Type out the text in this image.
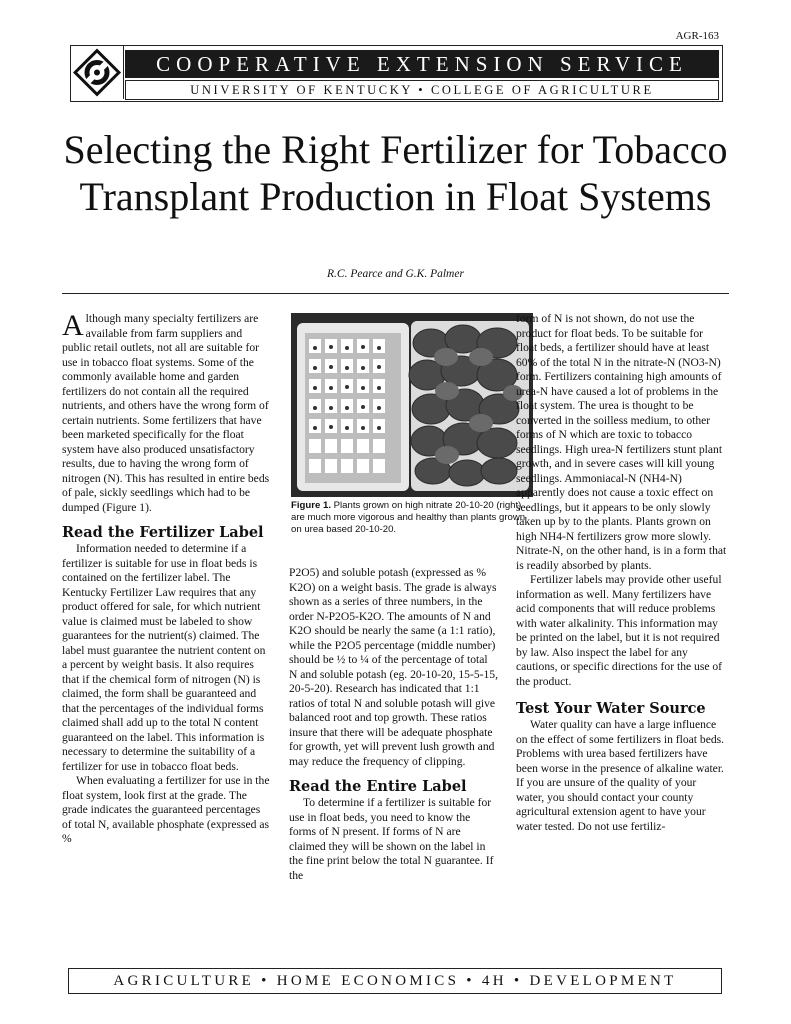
AGR-163
COOPERATIVE EXTENSION SERVICE
UNIVERSITY OF KENTUCKY • COLLEGE OF AGRICULTURE
Selecting the Right Fertilizer for Tobacco Transplant Production in Float Systems
R.C. Pearce and G.K. Palmer

Although many specialty fertilizers are available from farm suppliers and public retail outlets, not all are suitable for use in tobacco float systems. Some of the commonly available home and garden fertilizers do not contain all the required nutrients, and others have the wrong form of certain nutrients. Some fertilizers that have been marketed specifically for the float system have also produced unsatisfactory results, due to having the wrong form of nitrogen (N). This has resulted in entire beds of pale, sickly seedlings which had to be dumped (Figure 1).

Read the Fertilizer Label

Information needed to determine if a fertilizer is suitable for use in float beds is contained on the fertilizer label. The Kentucky Fertilizer Law requires that any product offered for sale, for which nutrient value is claimed must be labeled to show guarantees for the nutrient(s) claimed. The label must guarantee the nutrient content on a percent by weight basis. It also requires that if the chemical form of nitrogen (N) is claimed, the form shall be guaranteed and that the percentages of the individual forms claimed shall add up to the total N content guaranteed on the label. This information is necessary to determine the suitability of a fertilizer for use in tobacco float beds.

When evaluating a fertilizer for use in the float system, look first at the grade. The grade indicates the guaranteed percentages of total N, available phosphate (expressed as %

Figure 1. Plants grown on high nitrate 20-10-20 (right) are much more vigorous and healthy than plants grown on urea based 20-10-20.

P2O5) and soluble potash (expressed as % K2O) on a weight basis. The grade is always shown as a series of three numbers, in the order N-P2O5-K2O. The amounts of N and K2O should be nearly the same (a 1:1 ratio), while the P2O5 percentage (middle number) should be ½ to ¼ of the percentage of total N and soluble potash (eg. 20-10-20, 15-5-15, 20-5-20). Research has indicated that 1:1 ratios of total N and soluble potash will give balanced root and top growth. These ratios insure that there will be adequate phosphate for growth, yet will prevent lush growth and may reduce the frequency of clipping.

Read the Entire Label

To determine if a fertilizer is suitable for use in float beds, you need to know the forms of N present. If forms of N are claimed they will be shown on the label in the fine print below the total N guarantee. If the

form of N is not shown, do not use the product for float beds. To be suitable for float beds, a fertilizer should have at least 60% of the total N in the nitrate-N (NO3-N) form. Fertilizers containing high amounts of urea-N have caused a lot of problems in the float system. The urea is thought to be converted in the soilless medium, to other forms of N which are toxic to tobacco seedlings. High urea-N fertilizers stunt plant growth, and in severe cases will kill young seedlings. Ammoniacal-N (NH4-N) apparently does not cause a toxic effect on seedlings, but it appears to be only slowly taken up by to the plants. Plants grown on high NH4-N fertilizers grow more slowly. Nitrate-N, on the other hand, is in a form that is readily absorbed by plants.

Fertilizer labels may provide other useful information as well. Many fertilizers have acid components that will reduce problems with water alkalinity. This information may be printed on the label, but it is not required by law. Also inspect the label for any cautions, or specific directions for the use of the product.

Test Your Water Source

Water quality can have a large influence on the effect of some fertilizers in float beds. Problems with urea based fertilizers have been worse in the presence of alkaline water. If you are unsure of the quality of your water, you should contact your county agricultural extension agent to have your water tested. Do not use fertiliz-

AGRICULTURE • HOME ECONOMICS • 4H • DEVELOPMENT
